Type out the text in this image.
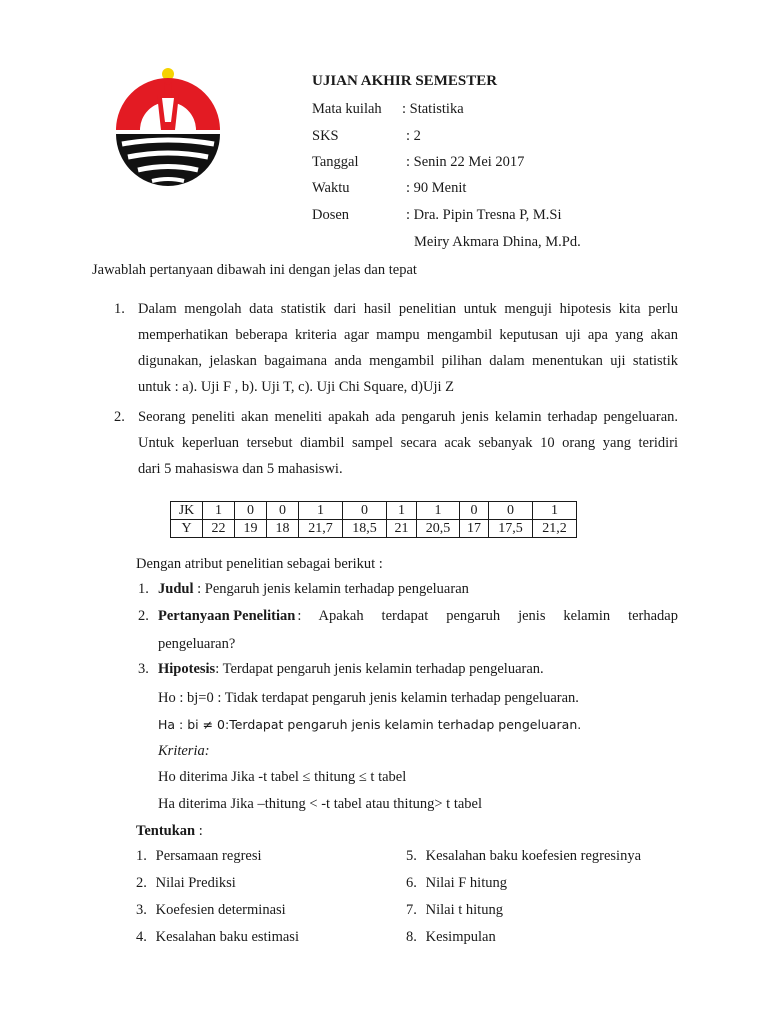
UJIAN AKHIR SEMESTER
Mata kuilah : Statistika
SKS	: 2
Tanggal	: Senin 22 Mei 2017
Waktu	: 90 Menit
Dosen	: Dra. Pipin Tresna P, M.Si
Meiry Akmara Dhina, M.Pd.
Jawablah pertanyaan dibawah ini dengan jelas dan tepat
1. Dalam mengolah data statistik dari hasil penelitian untuk menguji hipotesis kita perlu
memperhatikan beberapa kriteria agar mampu mengambil keputusan uji apa yang akan
digunakan, jelaskan bagaimana anda mengambil pilihan dalam menentukan uji statistik
untuk : a). Uji F , b). Uji T, c). Uji Chi Square, d)Uji Z
2. Seorang peneliti akan meneliti apakah ada pengaruh jenis kelamin terhadap pengeluaran.
Untuk keperluan tersebut diambil sampel secara acak sebanyak 10 orang yang teridiri
dari 5 mahasiswa dan 5 mahasiswi.
JK	1	0	0	1	0	1	1	0	0	1
Y	22	19	18	21,7	18,5	21	20,5	17	17,5	21,2
Dengan atribut penelitian sebagai berikut :
1. Judul : Pengaruh jenis kelamin terhadap pengeluaran
2. Pertanyaan Penelitian : Apakah terdapat pengaruh jenis kelamin terhadap
pengeluaran?
3. Hipotesis: Terdapat pengaruh jenis kelamin terhadap pengeluaran.
Ho : bj=0 : Tidak terdapat pengaruh jenis kelamin terhadap pengeluaran.
Ha : bi ≠ 0:Terdapat pengaruh jenis kelamin terhadap pengeluaran.
Kriteria:
Ho diterima Jika -t tabel ≤ thitung ≤ t tabel
Ha diterima Jika –thitung < -t tabel atau thitung> t tabel
Tentukan :
1. Persamaan regresi
2. Nilai Prediksi
3. Koefesien determinasi
4. Kesalahan baku estimasi
5. Kesalahan baku koefesien regresinya
6. Nilai F hitung
7. Nilai t hitung
8. Kesimpulan
